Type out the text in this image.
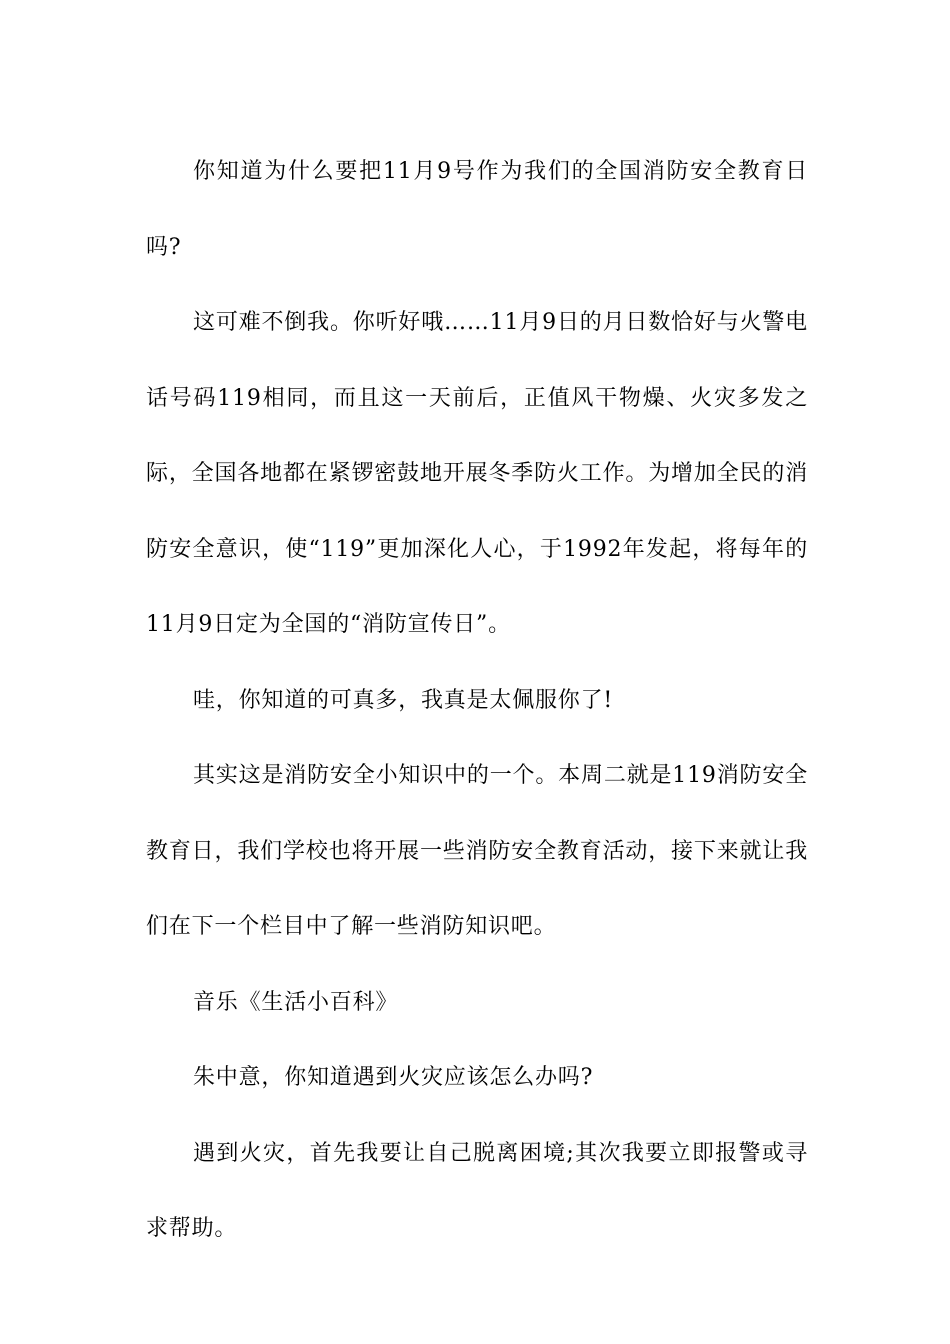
你知道为什么要把11月9号作为我们的全国消防安全教育日吗?

这可难不倒我。你听好哦……11月9日的月日数恰好与火警电话号码119相同，而且这一天前后，正值风干物燥、火灾多发之际，全国各地都在紧锣密鼓地开展冬季防火工作。为增加全民的消防安全意识，使“119”更加深化人心，于1992年发起，将每年的11月9日定为全国的“消防宣传日”。

哇，你知道的可真多，我真是太佩服你了!

其实这是消防安全小知识中的一个。本周二就是119消防安全教育日，我们学校也将开展一些消防安全教育活动，接下来就让我们在下一个栏目中了解一些消防知识吧。

音乐《生活小百科》

朱中意，你知道遇到火灾应该怎么办吗?

遇到火灾，首先我要让自己脱离困境;其次我要立即报警或寻求帮助。
